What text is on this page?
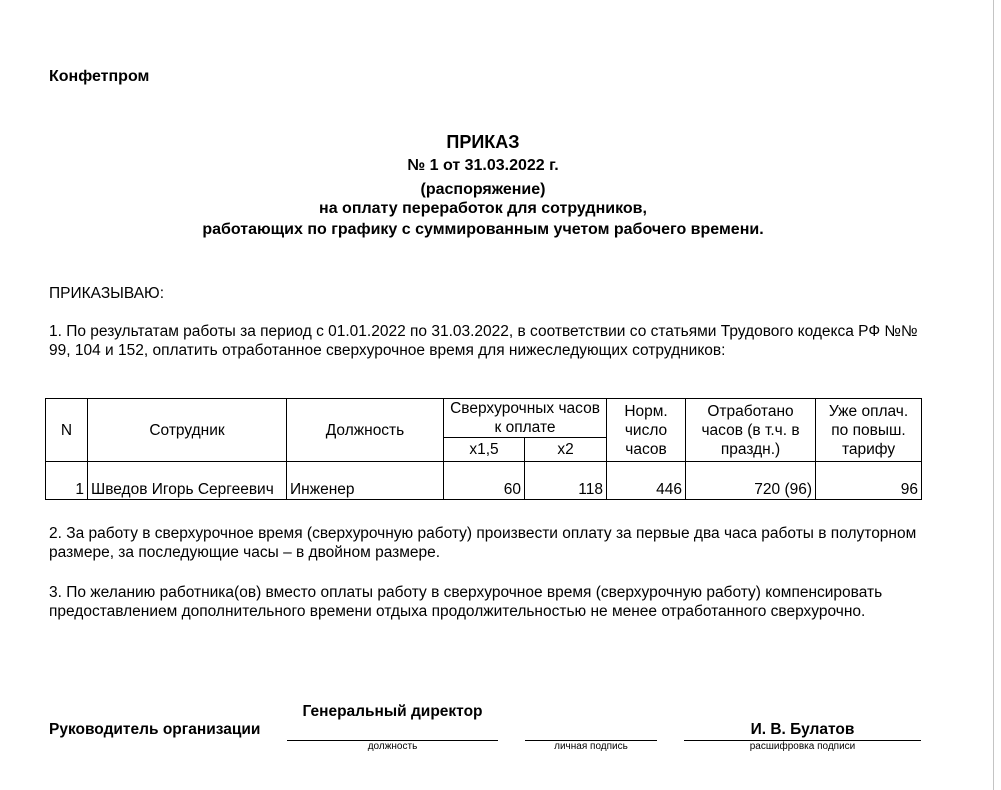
Конфетпром
ПРИКАЗ
№ 1 от 31.03.2022 г.
(распоряжение)
на оплату переработок для сотрудников,
работающих по графику с суммированным учетом рабочего времени.
ПРИКАЗЫВАЮ:
1. По результатам работы за период с 01.01.2022 по 31.03.2022, в соответствии со статьями Трудового кодекса РФ №№ 99, 104 и 152, оплатить отработанное сверхурочное время для нижеследующих сотрудников:
N	Сотрудник	Должность	Сверхурочных часов к оплате		Норм. число часов	Отработано часов (в т.ч. в праздн.)	Уже оплач. по повыш. тарифу
			x1,5	x2			
1	Шведов Игорь Сергеевич	Инженер	60	118	446	720 (96)	96
2. За работу в сверхурочное время (сверхурочную работу) произвести оплату за первые два часа работы в полуторном размере, за последующие часы – в двойном размере.
3. По желанию работника(ов) вместо оплаты работу в сверхурочное время (сверхурочную работу) компенсировать предоставлением дополнительного времени отдыха продолжительностью не менее отработанного сверхурочно.
Руководитель организации
Генеральный директор
И. В. Булатов
должность	личная подпись	расшифровка подписи
